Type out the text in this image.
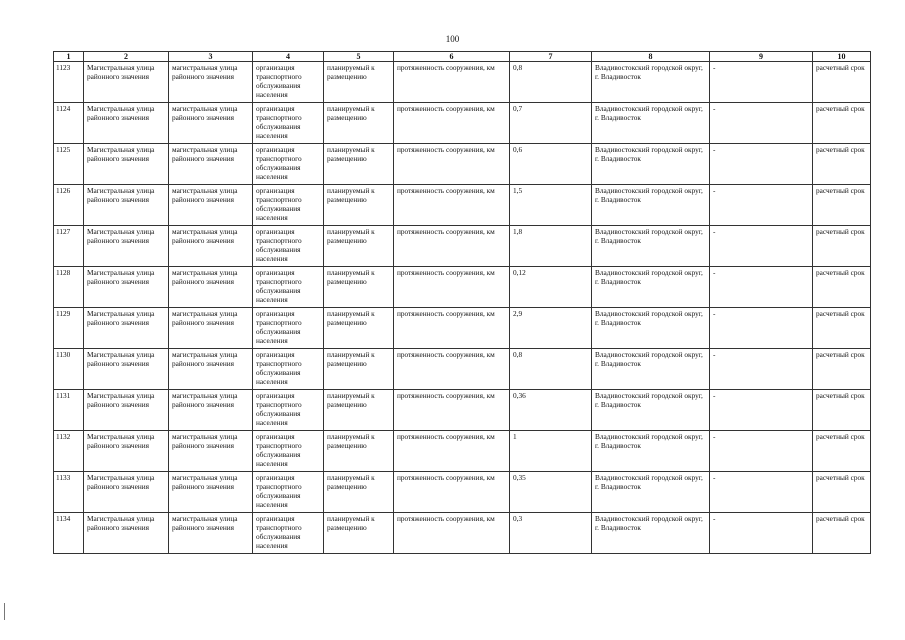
100
1	2	3	4	5	6	7	8	9	10
1123	Магистральная улица районного значения	магистральная улица районного значения	организация транспортного обслуживания населения	планируемый к размещению	протяженность сооружения, км	0,8	Владивостокский городской округ, г. Владивосток	-	расчетный срок
1124	Магистральная улица районного значения	магистральная улица районного значения	организация транспортного обслуживания населения	планируемый к размещению	протяженность сооружения, км	0,7	Владивостокский городской округ, г. Владивосток	-	расчетный срок
1125	Магистральная улица районного значения	магистральная улица районного значения	организация транспортного обслуживания населения	планируемый к размещению	протяженность сооружения, км	0,6	Владивостокский городской округ, г. Владивосток	-	расчетный срок
1126	Магистральная улица районного значения	магистральная улица районного значения	организация транспортного обслуживания населения	планируемый к размещению	протяженность сооружения, км	1,5	Владивостокский городской округ, г. Владивосток	-	расчетный срок
1127	Магистральная улица районного значения	магистральная улица районного значения	организация транспортного обслуживания населения	планируемый к размещению	протяженность сооружения, км	1,8	Владивостокский городской округ, г. Владивосток	-	расчетный срок
1128	Магистральная улица районного значения	магистральная улица районного значения	организация транспортного обслуживания населения	планируемый к размещению	протяженность сооружения, км	0,12	Владивостокский городской округ, г. Владивосток	-	расчетный срок
1129	Магистральная улица районного значения	магистральная улица районного значения	организация транспортного обслуживания населения	планируемый к размещению	протяженность сооружения, км	2,9	Владивостокский городской округ, г. Владивосток	-	расчетный срок
1130	Магистральная улица районного значения	магистральная улица районного значения	организация транспортного обслуживания населения	планируемый к размещению	протяженность сооружения, км	0,8	Владивостокский городской округ, г. Владивосток	-	расчетный срок
1131	Магистральная улица районного значения	магистральная улица районного значения	организация транспортного обслуживания населения	планируемый к размещению	протяженность сооружения, км	0,36	Владивостокский городской округ, г. Владивосток	-	расчетный срок
1132	Магистральная улица районного значения	магистральная улица районного значения	организация транспортного обслуживания населения	планируемый к размещению	протяженность сооружения, км	1	Владивостокский городской округ, г. Владивосток	-	расчетный срок
1133	Магистральная улица районного значения	магистральная улица районного значения	организация транспортного обслуживания населения	планируемый к размещению	протяженность сооружения, км	0,35	Владивостокский городской округ, г. Владивосток	-	расчетный срок
1134	Магистральная улица районного значения	магистральная улица районного значения	организация транспортного обслуживания населения	планируемый к размещению	протяженность сооружения, км	0,3	Владивостокский городской округ, г. Владивосток	-	расчетный срок
